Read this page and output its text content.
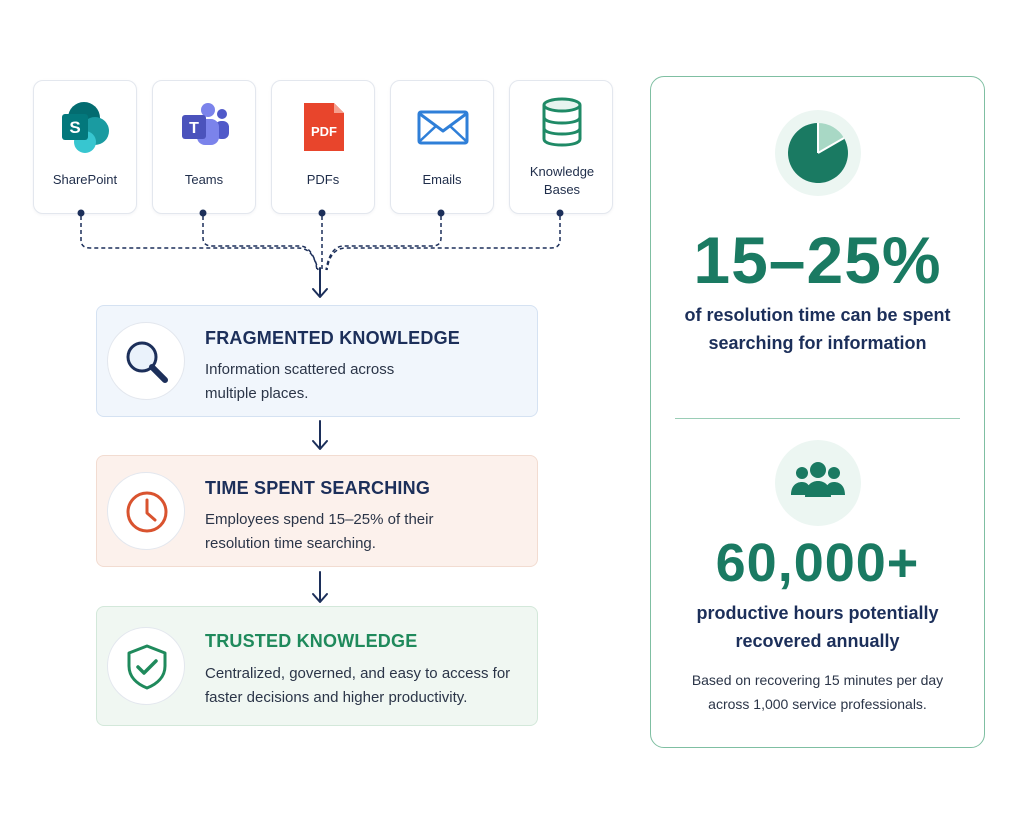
S
SharePoint
T
Teams
PDF
PDFs	Emails
Knowledge Bases
FRAGMENTED KNOWLEDGE
Information scattered across multiple places.
TIME SPENT SEARCHING
Employees spend 15–25% of their resolution time searching.
TRUSTED KNOWLEDGE
Centralized, governed, and easy to access for faster decisions and higher productivity.
15–25%
of resolution time can be spent searching for information
60,000+
productive hours potentially recovered annually
Based on recovering 15 minutes per day across 1,000 service professionals.
